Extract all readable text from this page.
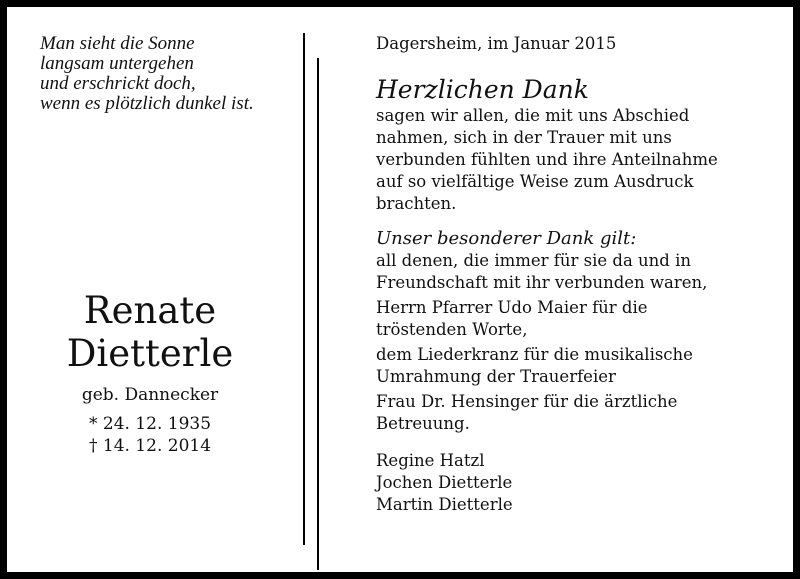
Man sieht die Sonne
langsam untergehen
und erschrickt doch,
wenn es plötzlich dunkel ist.
Renate
Dietterle
geb. Dannecker
* 24. 12. 1935
† 14. 12. 2014
Dagersheim, im Januar 2015
Herzlichen Dank
sagen wir allen, die mit uns Abschied
nahmen, sich in der Trauer mit uns
verbunden fühlten und ihre Anteilnahme
auf so vielfältige Weise zum Ausdruck
brachten.
Unser besonderer Dank gilt:
all denen, die immer für sie da und in
Freundschaft mit ihr verbunden waren,
Herrn Pfarrer Udo Maier für die
tröstenden Worte,
dem Liederkranz für die musikalische
Umrahmung der Trauerfeier
Frau Dr. Hensinger für die ärztliche
Betreuung.
Regine Hatzl
Jochen Dietterle
Martin Dietterle
